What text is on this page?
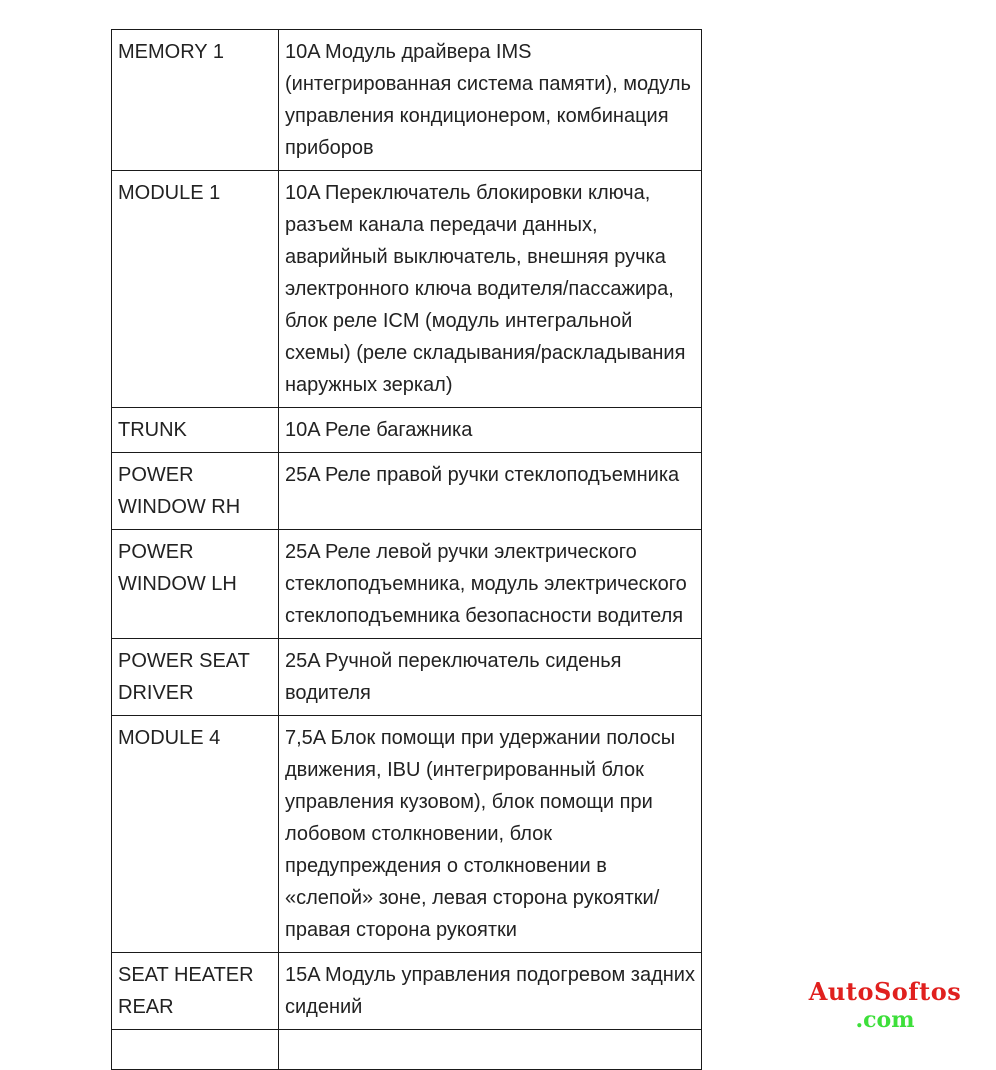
MEMORY 1	10A Модуль драйвера IMS (интегрированная система памяти), модуль управления кондиционером, комбинация приборов
MODULE 1	10A Переключатель блокировки ключа, разъем канала передачи данных, аварийный выключатель, внешняя ручка электронного ключа водителя/пассажира, блок реле ICM (модуль интегральной схемы) (реле складывания/раскладывания наружных зеркал)
TRUNK	10A Реле багажника
POWER WINDOW RH	25A Реле правой ручки стеклоподъемника
POWER WINDOW LH	25A Реле левой ручки электрического стеклоподъемника, модуль электрического стеклоподъемника безопасности водителя
POWER SEAT DRIVER	25A Ручной переключатель сиденья водителя
MODULE 4	7,5A Блок помощи при удержании полосы движения, IBU (интегрированный блок управления кузовом), блок помощи при лобовом столкновении, блок предупреждения о столкновении в «слепой» зоне, левая сторона рукоятки/правая сторона рукоятки
SEAT HEATER REAR	15A Модуль управления подогревом задних сидений

AutoSoftos
.com
